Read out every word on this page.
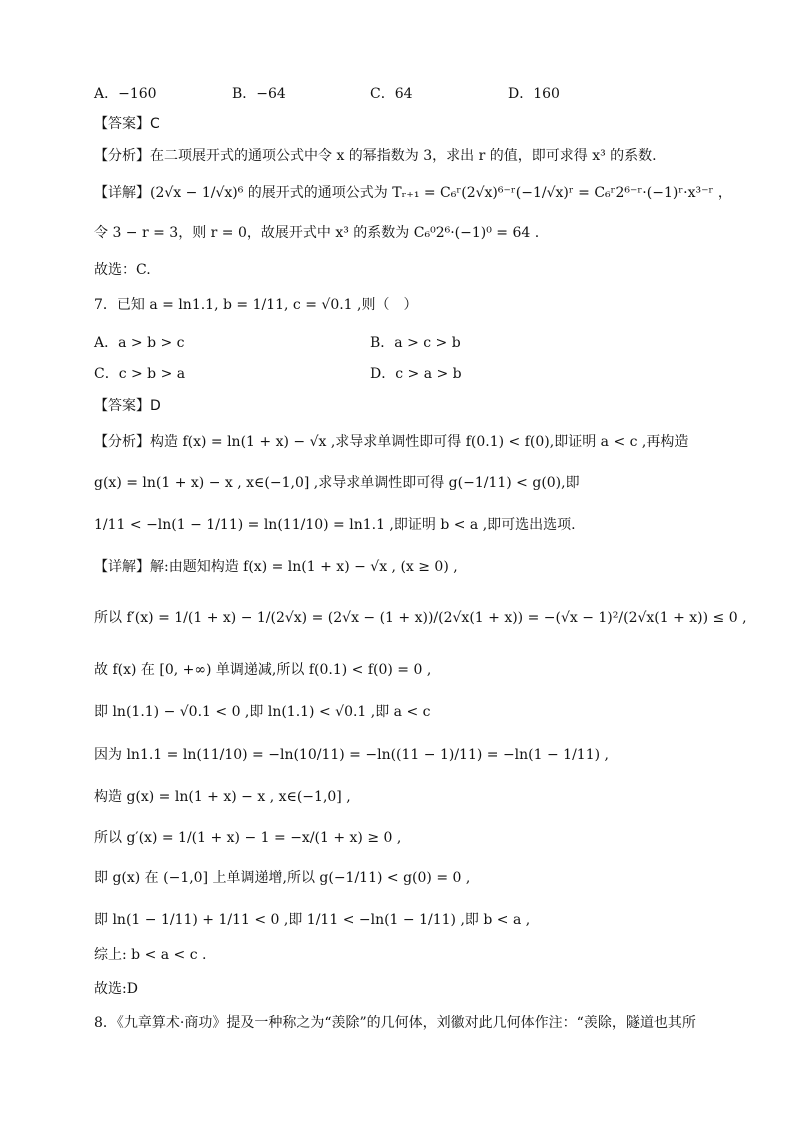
A．−160	B．−64	C．64	D．160
【答案】C
【分析】在二项展开式的通项公式中令 x 的幂指数为 3，求出 r 的值，即可求得 x³ 的系数.
【详解】(2√x − 1/√x)⁶ 的展开式的通项公式为 Tᵣ₊₁ = C₆ʳ(2√x)⁶⁻ʳ(−1/√x)ʳ = C₆ʳ2⁶⁻ʳ·(−1)ʳ·x³⁻ʳ ，
令 3 − r = 3，则 r = 0，故展开式中 x³ 的系数为 C₆⁰2⁶·(−1)⁰ = 64 .
故选：C.
7．已知 a = ln1.1, b = 1/11, c = √0.1 ,则（　）
A．a > b > c	B．a > c > b
C．c > b > a	D．c > a > b
【答案】D
【分析】构造 f(x) = ln(1 + x) − √x ,求导求单调性即可得 f(0.1) < f(0),即证明 a < c ,再构造
g(x) = ln(1 + x) − x , x∈(−1,0] ,求导求单调性即可得 g(−1/11) < g(0),即
1/11 < −ln(1 − 1/11) = ln(11/10) = ln1.1 ,即证明 b < a ,即可选出选项.
【详解】解:由题知构造 f(x) = ln(1 + x) − √x , (x ≥ 0) ,
所以 f′(x) = 1/(1 + x) − 1/(2√x) = (2√x − (1 + x))/(2√x(1 + x)) = −(√x − 1)²/(2√x(1 + x)) ≤ 0 ,
故 f(x) 在 [0, +∞) 单调递减,所以 f(0.1) < f(0) = 0 ,
即 ln(1.1) − √0.1 < 0 ,即 ln(1.1) < √0.1 ,即 a < c
因为 ln1.1 = ln(11/10) = −ln(10/11) = −ln((11 − 1)/11) = −ln(1 − 1/11) ,
构造 g(x) = ln(1 + x) − x , x∈(−1,0] ,
所以 g′(x) = 1/(1 + x) − 1 = −x/(1 + x) ≥ 0 ,
即 g(x) 在 (−1,0] 上单调递增,所以 g(−1/11) < g(0) = 0 ,
即 ln(1 − 1/11) + 1/11 < 0 ,即 1/11 < −ln(1 − 1/11) ,即 b < a ,
综上: b < a < c .
故选:D
8．《九章算术·商功》提及一种称之为“羡除”的几何体，刘徽对此几何体作注：“羡除，隧道也其所
